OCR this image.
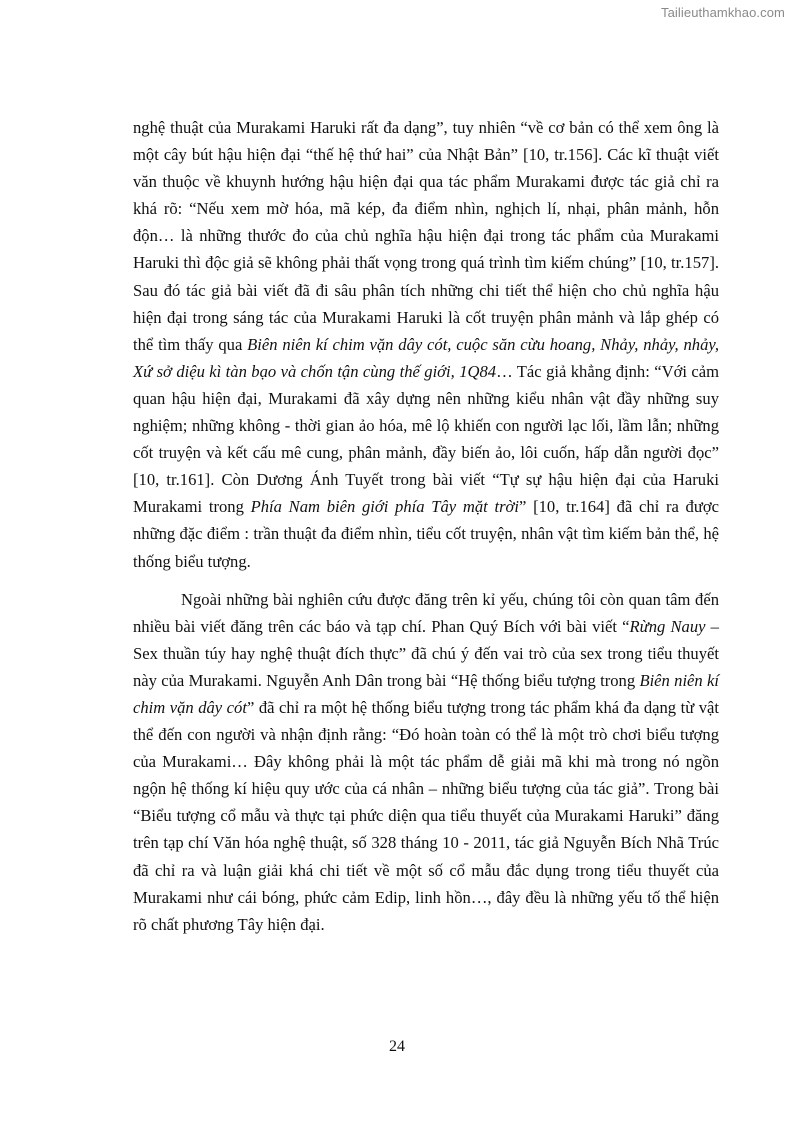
Tailieuthamkhao.com

nghệ thuật của Murakami Haruki rất đa dạng”, tuy nhiên “về cơ bản có thể xem ông là một cây bút hậu hiện đại “thế hệ thứ hai” của Nhật Bản” [10, tr.156]. Các kĩ thuật viết văn thuộc về khuynh hướng hậu hiện đại qua tác phẩm Murakami được tác giả chỉ ra khá rõ: “Nếu xem mờ hóa, mã kép, đa điểm nhìn, nghịch lí, nhại, phân mảnh, hỗn độn… là những thước đo của chủ nghĩa hậu hiện đại trong tác phẩm của Murakami Haruki thì độc giả sẽ không phải thất vọng trong quá trình tìm kiếm chúng” [10, tr.157]. Sau đó tác giả bài viết đã đi sâu phân tích những chi tiết thể hiện cho chủ nghĩa hậu hiện đại trong sáng tác của Murakami Haruki là cốt truyện phân mảnh và lắp ghép có thể tìm thấy qua Biên niên kí chim vặn dây cót, cuộc săn cừu hoang, Nhảy, nhảy, nhảy, Xứ sở diệu kì tàn bạo và chốn tận cùng thế giới, 1Q84… Tác giả khẳng định: “Với cảm quan hậu hiện đại, Murakami đã xây dựng nên những kiểu nhân vật đầy những suy nghiệm; những không - thời gian ảo hóa, mê lộ khiến con người lạc lối, lầm lẫn; những cốt truyện và kết cấu mê cung, phân mảnh, đầy biến ảo, lôi cuốn, hấp dẫn người đọc” [10, tr.161]. Còn Dương Ánh Tuyết trong bài viết “Tự sự hậu hiện đại của Haruki Murakami trong Phía Nam biên giới phía Tây mặt trời” [10, tr.164] đã chỉ ra được những đặc điểm : trần thuật đa điểm nhìn, tiểu cốt truyện, nhân vật tìm kiếm bản thể, hệ thống biểu tượng.

Ngoài những bài nghiên cứu được đăng trên kỉ yếu, chúng tôi còn quan tâm đến nhiều bài viết đăng trên các báo và tạp chí. Phan Quý Bích với bài viết “Rừng Nauy – Sex thuần túy hay nghệ thuật đích thực” đã chú ý đến vai trò của sex trong tiểu thuyết này của Murakami. Nguyễn Anh Dân trong bài “Hệ thống biểu tượng trong Biên niên kí chim vặn dây cót” đã chỉ ra một hệ thống biểu tượng trong tác phẩm khá đa dạng từ vật thể đến con người và nhận định rằng: “Đó hoàn toàn có thể là một trò chơi biểu tượng của Murakami… Đây không phải là một tác phẩm dễ giải mã khi mà trong nó ngồn ngộn hệ thống kí hiệu quy ước của cá nhân – những biểu tượng của tác giả”. Trong bài “Biểu tượng cổ mẫu và thực tại phức diện qua tiểu thuyết của Murakami Haruki” đăng trên tạp chí Văn hóa nghệ thuật, số 328 tháng 10 - 2011, tác giả Nguyễn Bích Nhã Trúc đã chỉ ra và luận giải khá chi tiết về một số cổ mẫu đắc dụng trong tiểu thuyết của Murakami như cái bóng, phức cảm Edip, linh hồn…, đây đều là những yếu tố thể hiện rõ chất phương Tây hiện đại.

24
